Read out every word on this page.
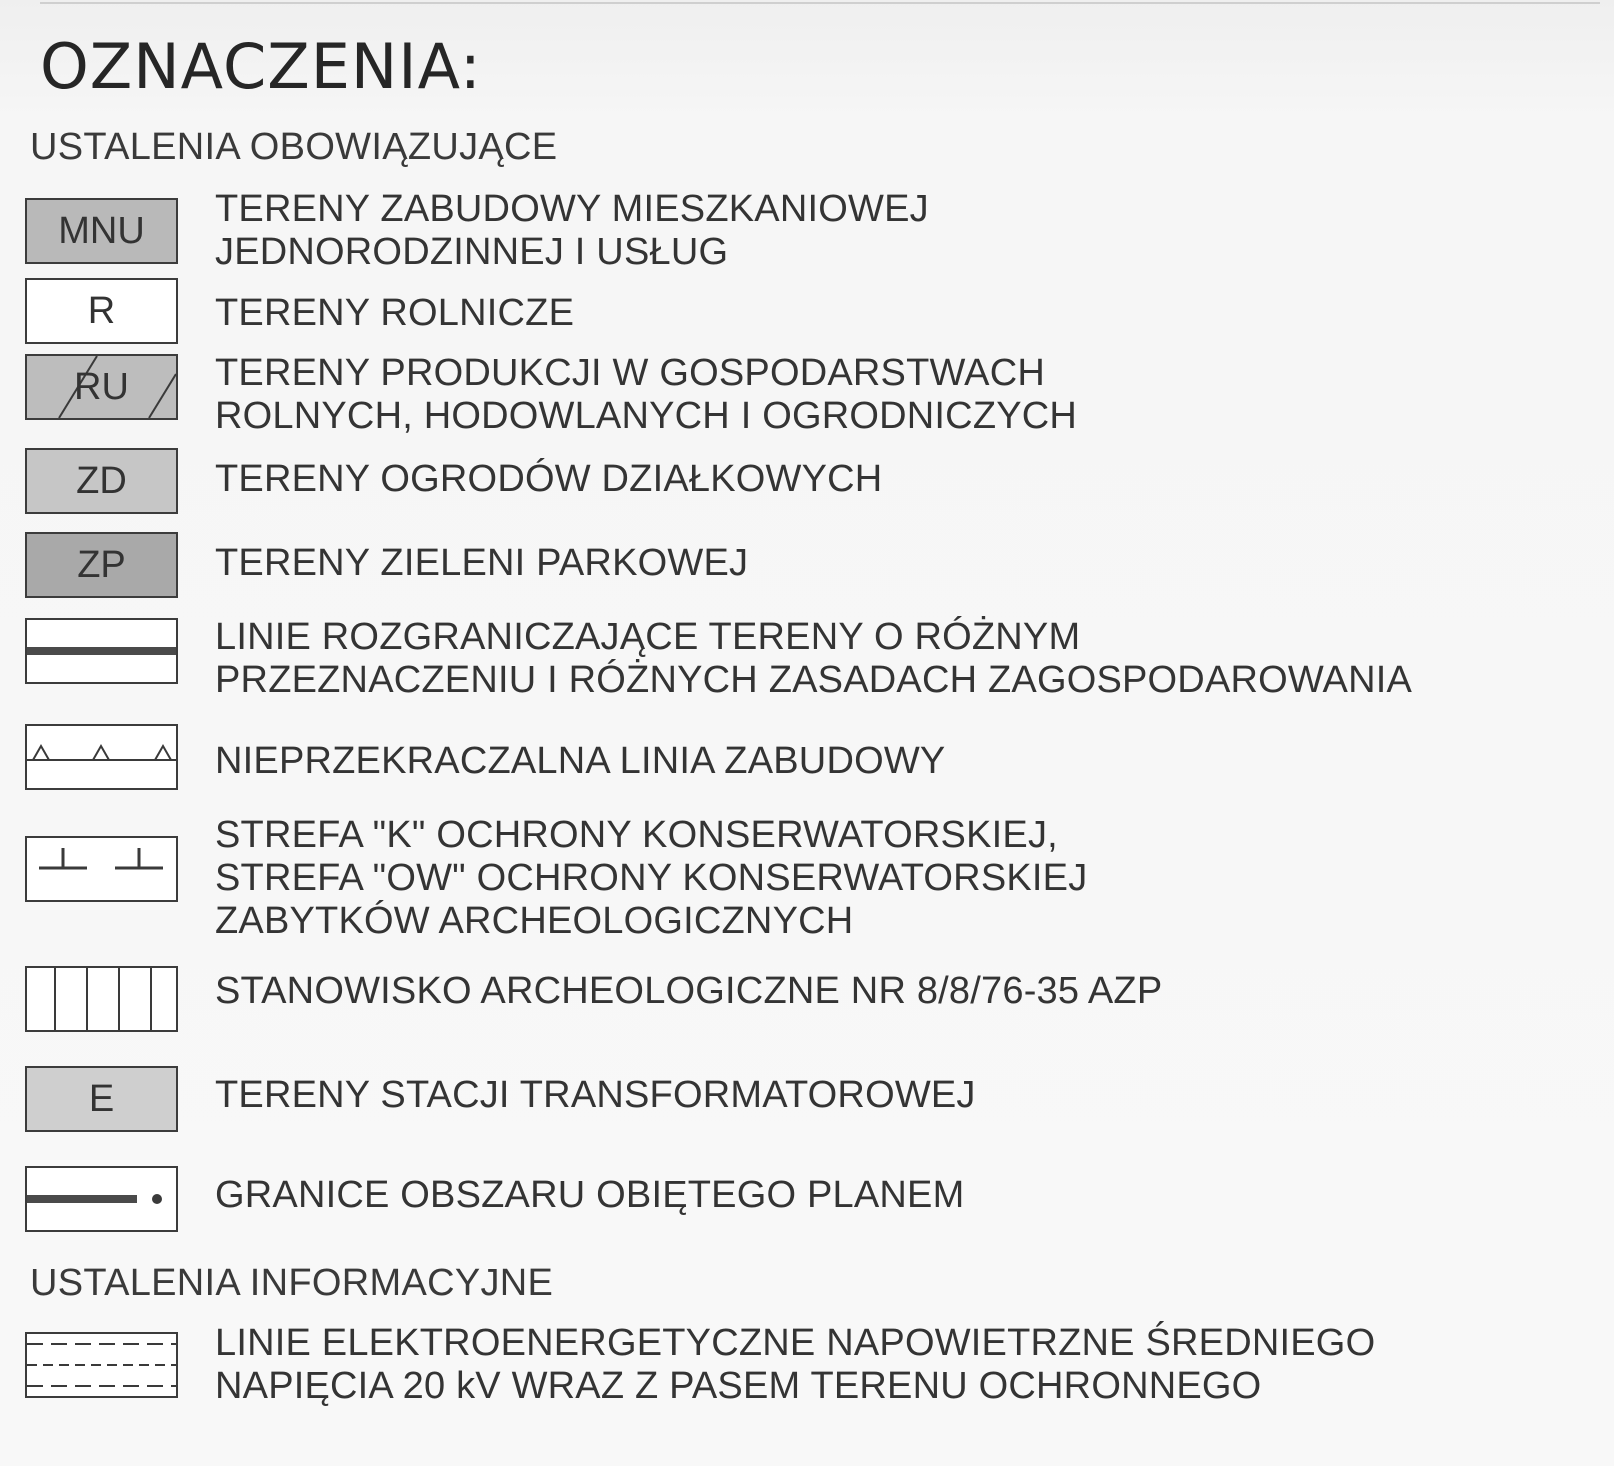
OZNACZENIA:
USTALENIA OBOWIĄZUJĄCE
MNU
TERENY ZABUDOWY MIESZKANIOWEJ
JEDNORODZINNEJ I USŁUG
R	TERENY ROLNICZE
RU TERENY PRODUKCJI W GOSPODARSTWACH
ROLNYCH, HODOWLANYCH I OGRODNICZYCH
ZD TERENY OGRODÓW DZIAŁKOWYCH
ZP TERENY ZIELENI PARKOWEJ
LINIE ROZGRANICZAJĄCE TERENY O RÓŻNYM
PRZEZNACZENIU I RÓŻNYCH ZASADACH ZAGOSPODAROWANIA
NIEPRZEKRACZALNA LINIA ZABUDOWY
STREFA "K" OCHRONY KONSERWATORSKIEJ,
STREFA "OW" OCHRONY KONSERWATORSKIEJ
ZABYTKÓW ARCHEOLOGICZNYCH
STANOWISKO ARCHEOLOGICZNE NR 8/8/76-35 AZP
E	TERENY STACJI TRANSFORMATOROWEJ
GRANICE OBSZARU OBIĘTEGO PLANEM
USTALENIA INFORMACYJNE
LINIE ELEKTROENERGETYCZNE NAPOWIETRZNE ŚREDNIEGO
NAPIĘCIA 20 kV WRAZ Z PASEM TERENU OCHRONNEGO
